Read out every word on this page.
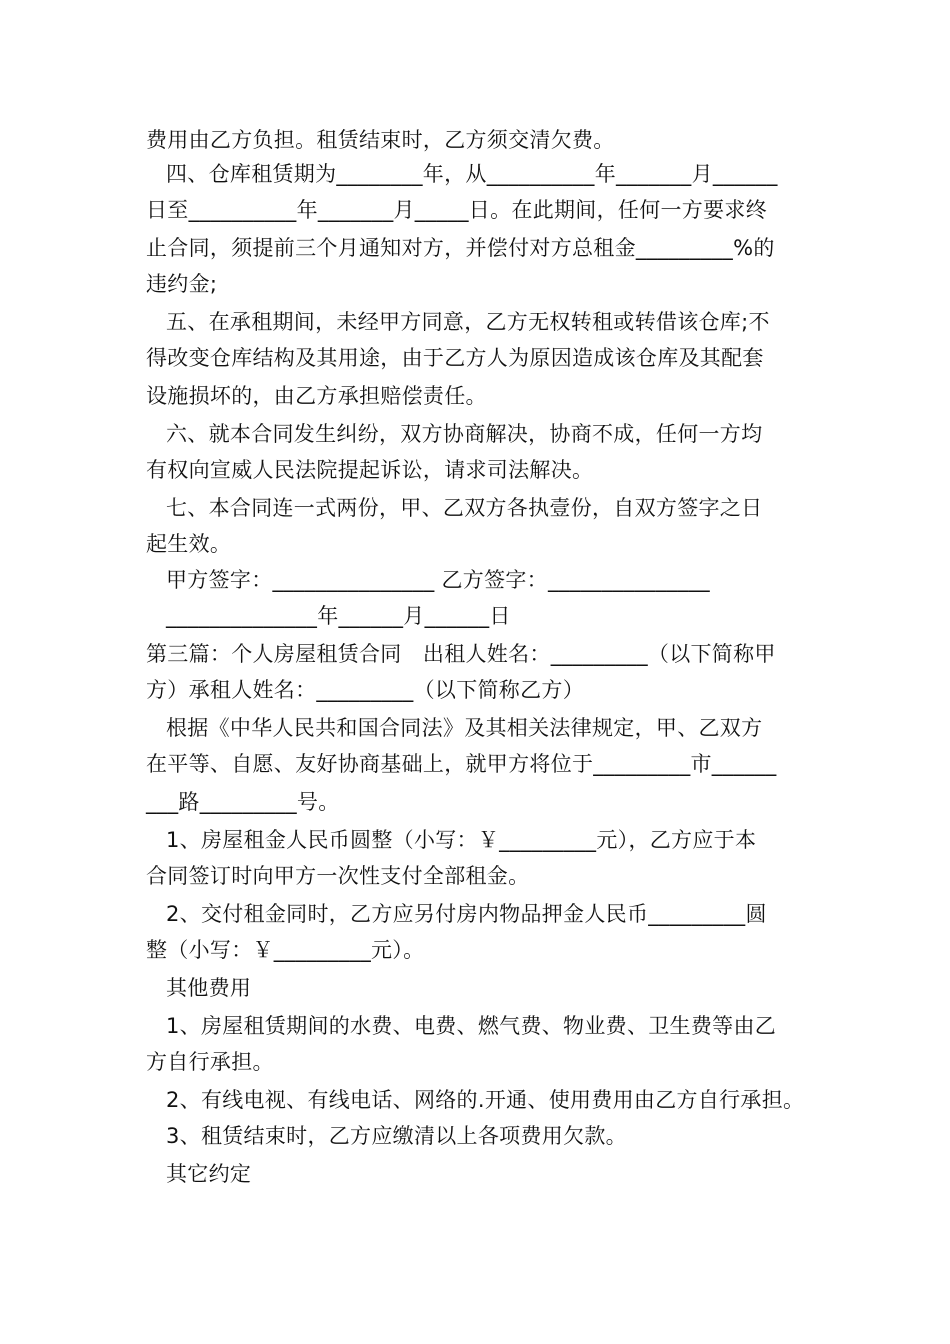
费用由乙方负担。租赁结束时，乙方须交清欠费。
四、仓库租赁期为________年，从__________年_______月______
日至__________年_______月_____日。在此期间，任何一方要求终
止合同，须提前三个月通知对方，并偿付对方总租金_________%的
违约金;
五、在承租期间，未经甲方同意，乙方无权转租或转借该仓库;不
得改变仓库结构及其用途，由于乙方人为原因造成该仓库及其配套
设施损坏的，由乙方承担赔偿责任。
六、就本合同发生纠纷，双方协商解决，协商不成，任何一方均
有权向宣威人民法院提起诉讼，请求司法解决。
七、本合同连一式两份，甲、乙双方各执壹份，自双方签字之日
起生效。
甲方签字：_______________ 乙方签字：_______________
______________年______月______日
第三篇：个人房屋租赁合同　出租人姓名：_________（以下简称甲
方）承租人姓名：_________（以下简称乙方）
根据《中华人民共和国合同法》及其相关法律规定，甲、乙双方
在平等、自愿、友好协商基础上，就甲方将位于_________市______
___路_________号。
1、房屋租金人民币圆整（小写：￥_________元），乙方应于本
合同签订时向甲方一次性支付全部租金。
2、交付租金同时，乙方应另付房内物品押金人民币_________圆
整（小写：￥_________元）。
其他费用
1、房屋租赁期间的水费、电费、燃气费、物业费、卫生费等由乙
方自行承担。
2、有线电视、有线电话、网络的.开通、使用费用由乙方自行承担。
3、租赁结束时，乙方应缴清以上各项费用欠款。
其它约定
